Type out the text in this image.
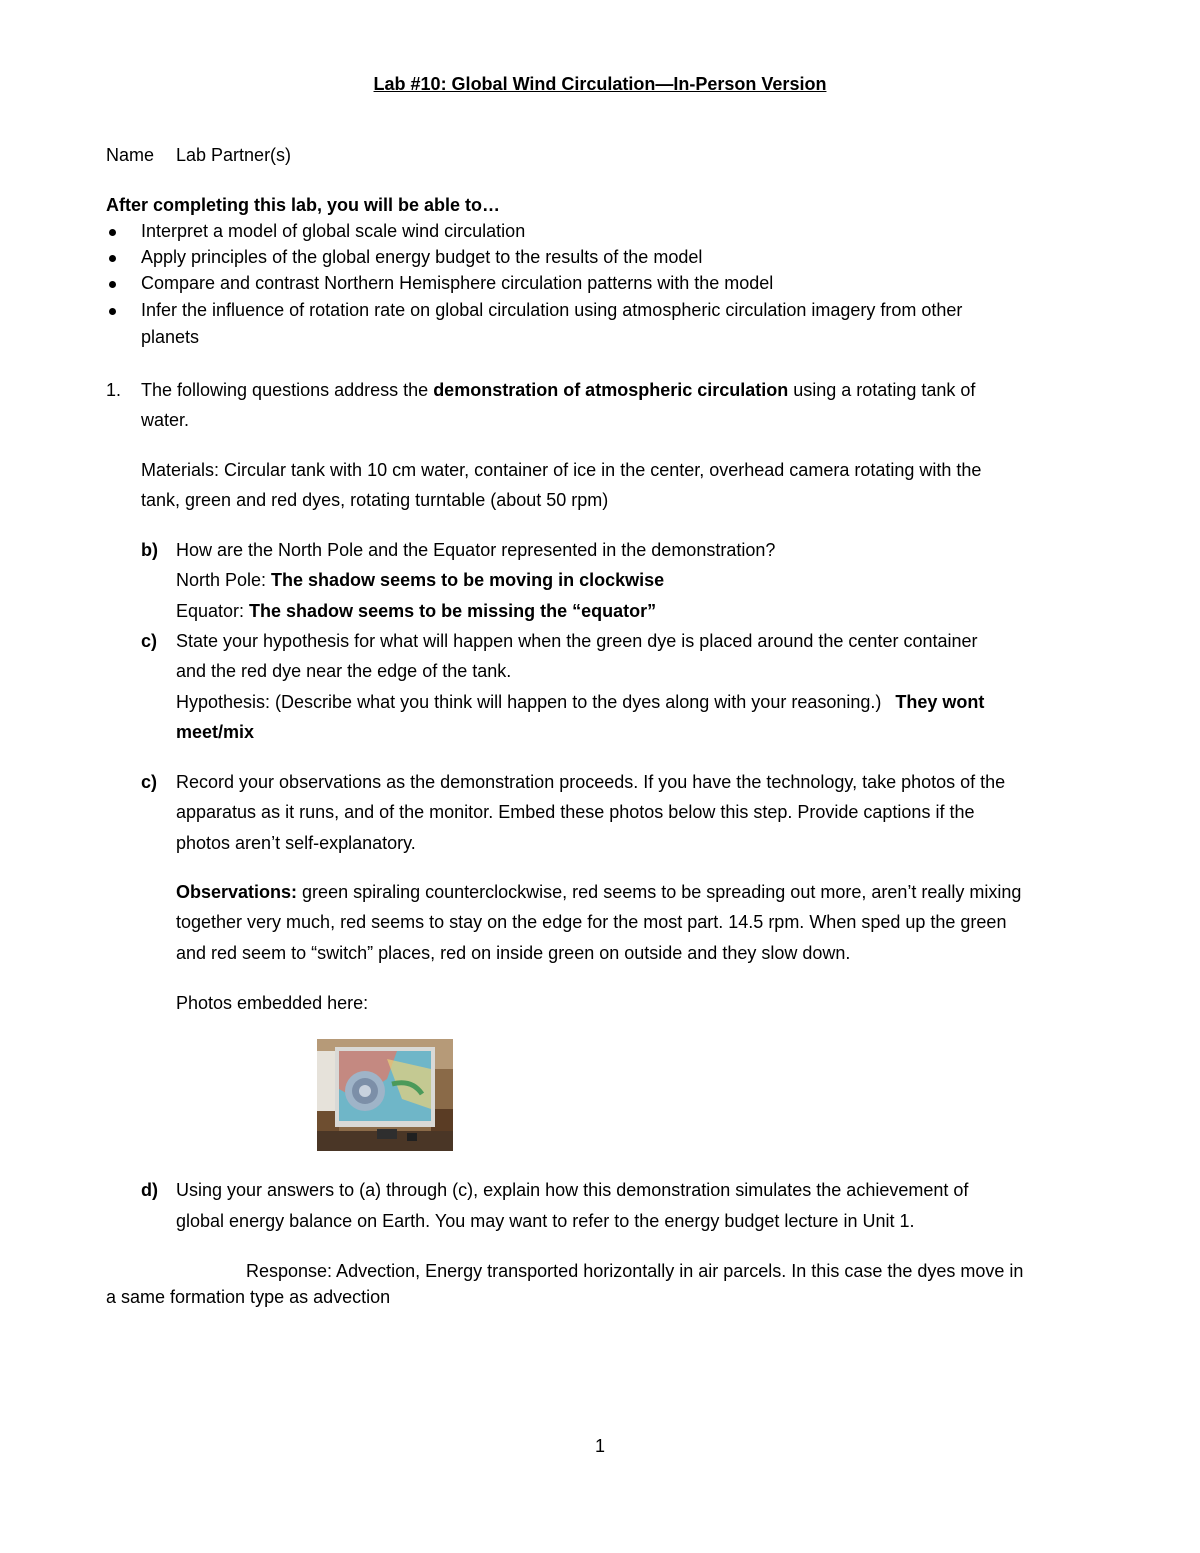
Lab #10: Global Wind Circulation—In-Person Version
Name Lab Partner(s)
After completing this lab, you will be able to…
Interpret a model of global scale wind circulation
Apply principles of the global energy budget to the results of the model
Compare and contrast Northern Hemisphere circulation patterns with the model
Infer the influence of rotation rate on global circulation using atmospheric circulation imagery from other
planets
1. The following questions address the demonstration of atmospheric circulation using a rotating tank of
water.
Materials: Circular tank with 10 cm water, container of ice in the center, overhead camera rotating with the
tank, green and red dyes, rotating turntable (about 50 rpm)
b) How are the North Pole and the Equator represented in the demonstration?
North Pole: The shadow seems to be moving in clockwise
Equator: The shadow seems to be missing the “equator”
c) State your hypothesis for what will happen when the green dye is placed around the center container
and the red dye near the edge of the tank.
Hypothesis: (Describe what you think will happen to the dyes along with your reasoning.) They wont
meet/mix
c) Record your observations as the demonstration proceeds. If you have the technology, take photos of the
apparatus as it runs, and of the monitor. Embed these photos below this step. Provide captions if the
photos aren’t self-explanatory.
Observations: green spiraling counterclockwise, red seems to be spreading out more, aren’t really mixing
together very much, red seems to stay on the edge for the most part. 14.5 rpm. When sped up the green
and red seem to “switch” places, red on inside green on outside and they slow down.
Photos embedded here:
d) Using your answers to (a) through (c), explain how this demonstration simulates the achievement of
global energy balance on Earth. You may want to refer to the energy budget lecture in Unit 1.
Response: Advection, Energy transported horizontally in air parcels. In this case the dyes move in
a same formation type as advection
1
